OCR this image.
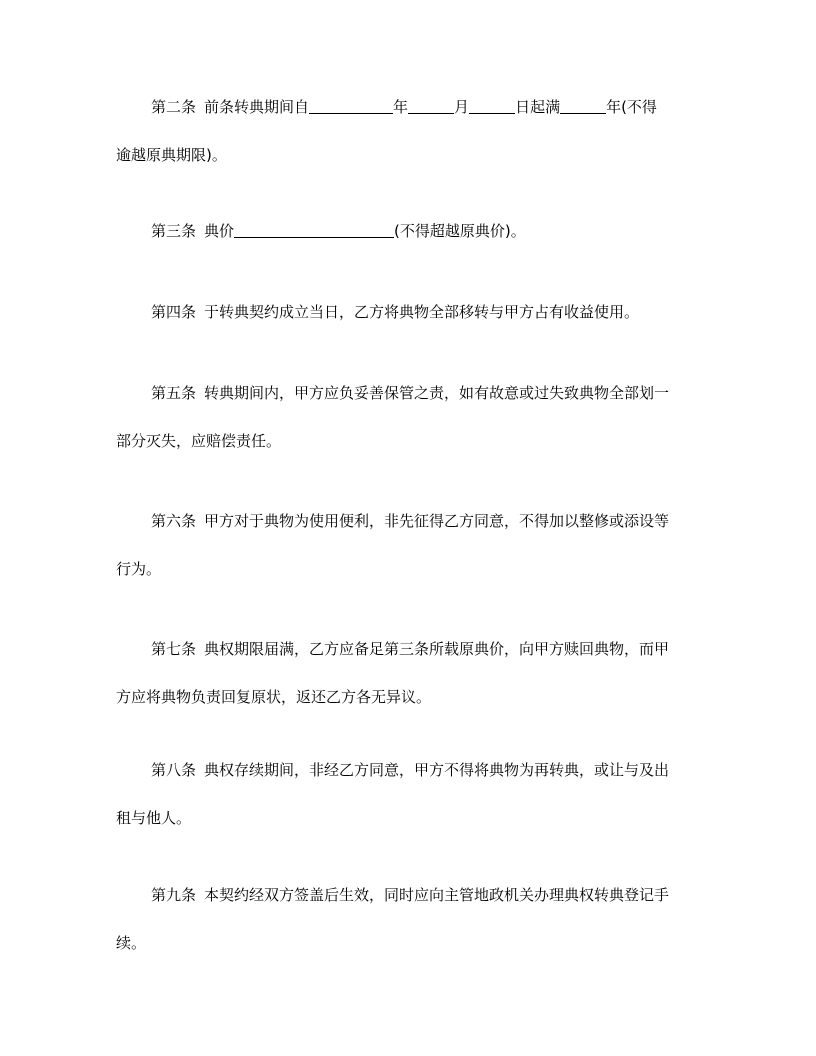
第二条 前条转典期间自	年	月	日起满	年(不得
逾越原典期限)。
第三条 典价	(不得超越原典价)。
第四条 于转典契约成立当日，乙方将典物全部移转与甲方占有收益使用。
第五条 转典期间内，甲方应负妥善保管之责，如有故意或过失致典物全部划一
部分灭失，应赔偿责任。
第六条 甲方对于典物为使用便利，非先征得乙方同意，不得加以整修或添设等
行为。
第七条 典权期限届满，乙方应备足第三条所载原典价，向甲方赎回典物，而甲
方应将典物负责回复原状，返还乙方各无异议。
第八条 典权存续期间，非经乙方同意，甲方不得将典物为再转典，或让与及出
租与他人。
第九条 本契约经双方签盖后生效，同时应向主管地政机关办理典权转典登记手
续。
